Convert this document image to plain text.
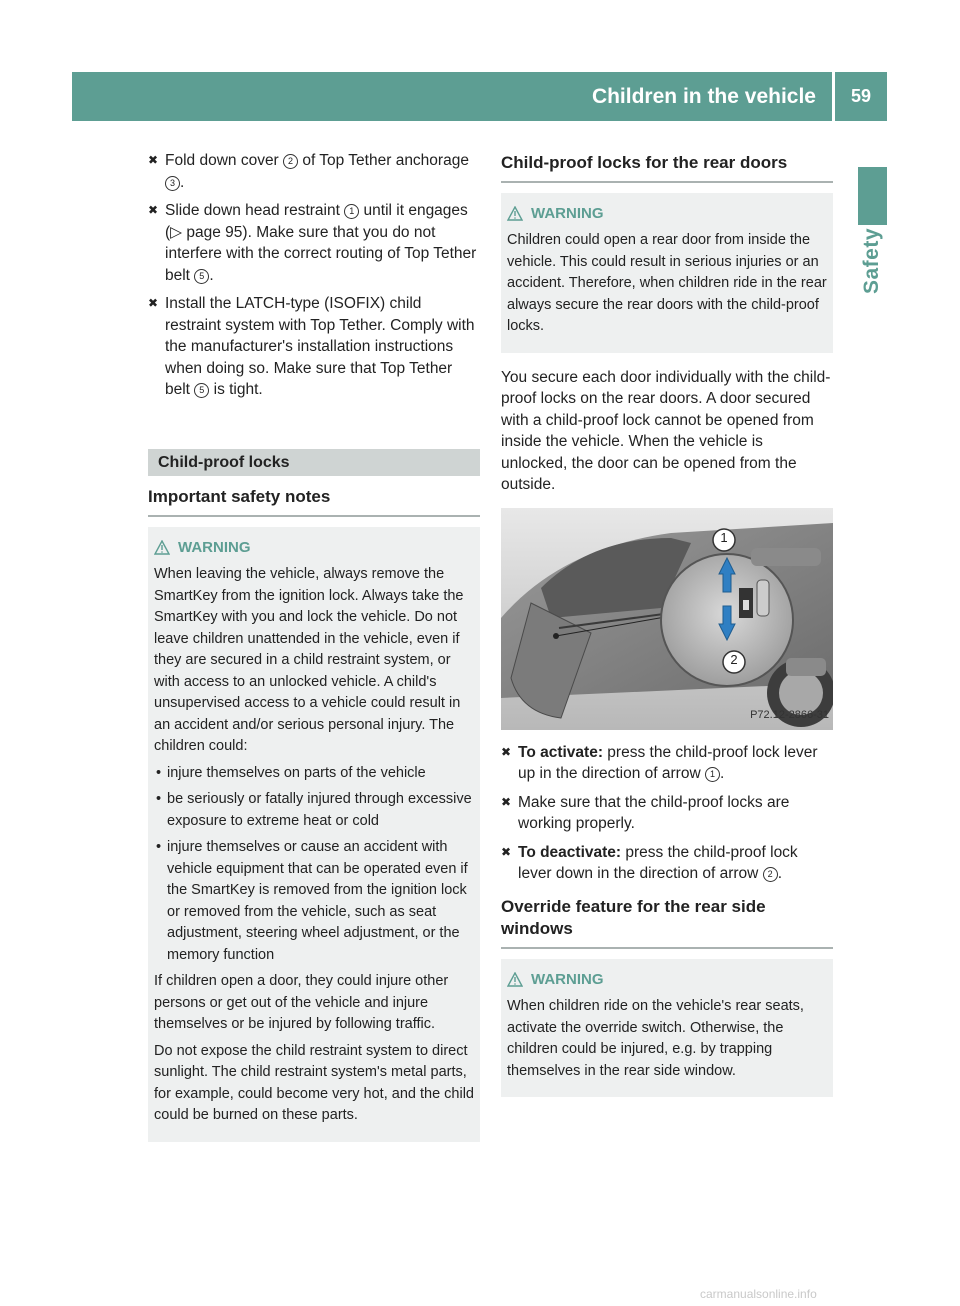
Children in the vehicle	59
Safety
✖ Fold down cover 2 of Top Tether anchorage 3 .
✖ Slide down head restraint 1 until it engages (▷ page 95). Make sure that you do not interfere with the correct routing of Top Tether belt 5 .
✖ Install the LATCH-type (ISOFIX) child restraint system with Top Tether. Comply with the manufacturer's installation instructions when doing so. Make sure that Top Tether belt 5 is tight.
Child-proof locks
Important safety notes
WARNING

When leaving the vehicle, always remove the SmartKey from the ignition lock. Always take the SmartKey with you and lock the vehicle. Do not leave children unattended in the vehicle, even if they are secured in a child restraint system, or with access to an unlocked vehicle. A child's unsupervised access to a vehicle could result in an accident and/or serious personal injury. The children could:

• injure themselves on parts of the vehicle

• be seriously or fatally injured through excessive exposure to extreme heat or cold

• injure themselves or cause an accident with vehicle equipment that can be operated even if the SmartKey is removed from the ignition lock or removed from the vehicle, such as seat adjustment, steering wheel adjustment, or the memory function

If children open a door, they could injure other persons or get out of the vehicle and injure themselves or be injured by following traffic.

Do not expose the child restraint system to direct sunlight. The child restraint system's metal parts, for example, could become very hot, and the child could be burned on these parts.

Child-proof locks for the rear doors
WARNING

Children could open a rear door from inside the vehicle. This could result in serious injuries or an accident. Therefore, when children ride in the rear always secure the rear doors with the child-proof locks.

You secure each door individually with the child-proof locks on the rear doors. A door secured with a child-proof lock cannot be opened from inside the vehicle. When the vehicle is unlocked, the door can be opened from the outside.

1
2
P72.12-2866-31
✖ To activate: press the child-proof lock lever up in the direction of arrow 1 .
✖ Make sure that the child-proof locks are working properly.
✖ To deactivate: press the child-proof lock lever down in the direction of arrow 2 .
Override feature for the rear side windows
WARNING

When children ride on the vehicle's rear seats, activate the override switch. Otherwise, the children could be injured, e.g. by trapping themselves in the rear side window.

carmanualsonline.info
